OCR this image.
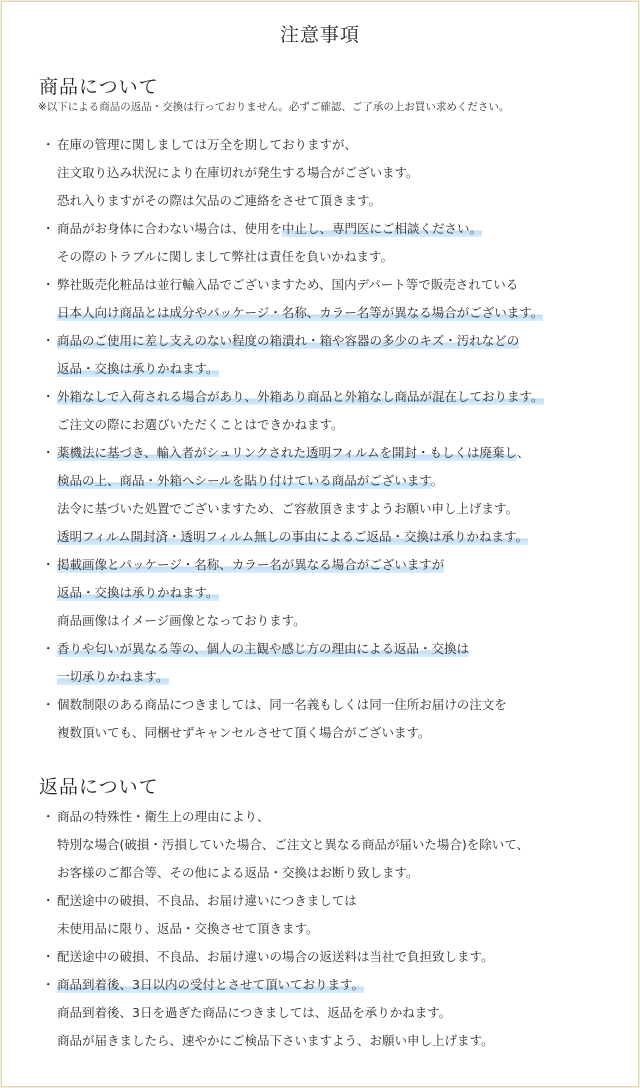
注意事項
商品について
※以下による商品の返品・交換は行っておりません。必ずご確認、ご了承の上お買い求めください。
・ 在庫の管理に関しましては万全を期しておりますが、
注文取り込み状況により在庫切れが発生する場合がございます。
恐れ入りますがその際は欠品のご連絡をさせて頂きます。
・ 商品がお身体に合わない場合は、使用を中止し、専門医にご相談ください。
その際のトラブルに関しまして弊社は責任を負いかねます。
・ 弊社販売化粧品は並行輸入品でございますため、国内デパート等で販売されている
日本人向け商品とは成分やパッケージ・名称、カラー名等が異なる場合がございます。
・ 商品のご使用に差し支えのない程度の箱潰れ・箱や容器の多少のキズ・汚れなどの
返品・交換は承りかねます。
・ 外箱なしで入荷される場合があり、外箱あり商品と外箱なし商品が混在しております。
ご注文の際にお選びいただくことはできかねます。
・ 薬機法に基づき、輸入者がシュリンクされた透明フィルムを開封・もしくは廃棄し、
検品の上、商品・外箱へシールを貼り付けている商品がございます。
法令に基づいた処置でございますため、ご容赦頂きますようお願い申し上げます。
透明フィルム開封済・透明フィルム無しの事由によるご返品・交換は承りかねます。
・ 掲載画像とパッケージ・名称、カラー名が異なる場合がございますが
返品・交換は承りかねます。
商品画像はイメージ画像となっております。
・ 香りや匂いが異なる等の、個人の主観や感じ方の理由による返品・交換は
一切承りかねます。
・ 個数制限のある商品につきましては、同一名義もしくは同一住所お届けの注文を
複数頂いても、同梱せずキャンセルさせて頂く場合がございます。
返品について
・ 商品の特殊性・衛生上の理由により、
特別な場合(破損・汚損していた場合、ご注文と異なる商品が届いた場合)を除いて、
お客様のご都合等、その他による返品・交換はお断り致します。
・ 配送途中の破損、不良品、お届け違いにつきましては
未使用品に限り、返品・交換させて頂きます。
・ 配送途中の破損、不良品、お届け違いの場合の返送料は当社で負担致します。
・ 商品到着後、3日以内の受付とさせて頂いております。
商品到着後、3日を過ぎた商品につきましては、返品を承りかねます。
商品が届きましたら、速やかにご検品下さいますよう、お願い申し上げます。
